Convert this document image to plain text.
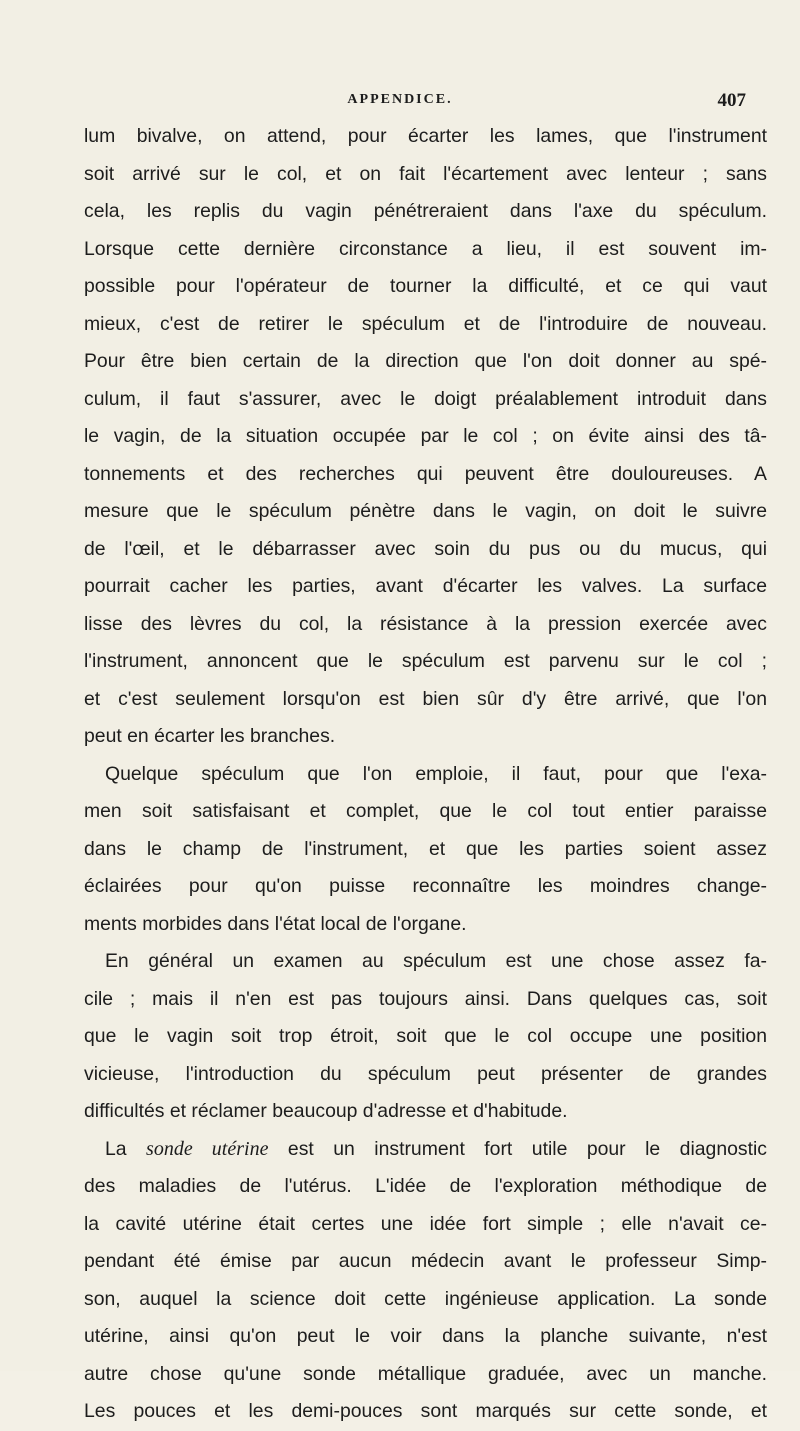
APPENDICE.	407
lum bivalve, on attend, pour écarter les lames, que l'instrument
soit arrivé sur le col, et on fait l'écartement avec lenteur ; sans
cela, les replis du vagin pénétreraient dans l'axe du spéculum.
Lorsque cette dernière circonstance a lieu, il est souvent im-
possible pour l'opérateur de tourner la difficulté, et ce qui vaut
mieux, c'est de retirer le spéculum et de l'introduire de nouveau.
Pour être bien certain de la direction que l'on doit donner au spé-
culum, il faut s'assurer, avec le doigt préalablement introduit dans
le vagin, de la situation occupée par le col ; on évite ainsi des tâ-
tonnements et des recherches qui peuvent être douloureuses. A
mesure que le spéculum pénètre dans le vagin, on doit le suivre
de l'œil, et le débarrasser avec soin du pus ou du mucus, qui
pourrait cacher les parties, avant d'écarter les valves. La surface
lisse des lèvres du col, la résistance à la pression exercée avec
l'instrument, annoncent que le spéculum est parvenu sur le col ;
et c'est seulement lorsqu'on est bien sûr d'y être arrivé, que l'on
peut en écarter les branches.
Quelque spéculum que l'on emploie, il faut, pour que l'exa-
men soit satisfaisant et complet, que le col tout entier paraisse
dans le champ de l'instrument, et que les parties soient assez
éclairées pour qu'on puisse reconnaître les moindres change-
ments morbides dans l'état local de l'organe.
En général un examen au spéculum est une chose assez fa-
cile ; mais il n'en est pas toujours ainsi. Dans quelques cas, soit
que le vagin soit trop étroit, soit que le col occupe une position
vicieuse, l'introduction du spéculum peut présenter de grandes
difficultés et réclamer beaucoup d'adresse et d'habitude.
La sonde utérine est un instrument fort utile pour le diagnostic
des maladies de l'utérus. L'idée de l'exploration méthodique de
la cavité utérine était certes une idée fort simple ; elle n'avait ce-
pendant été émise par aucun médecin avant le professeur Simp-
son, auquel la science doit cette ingénieuse application. La sonde
utérine, ainsi qu'on peut le voir dans la planche suivante, n'est
autre chose qu'une sonde métallique graduée, avec un manche.
Les pouces et les demi-pouces sont marqués sur cette sonde, et
